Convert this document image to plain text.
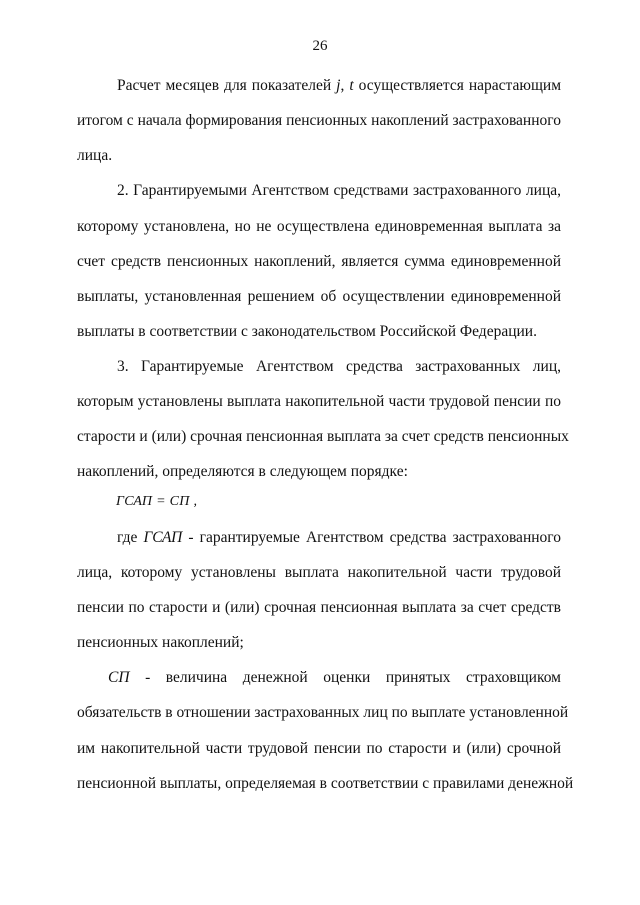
26
Расчет месяцев для показателей j, t осуществляется нарастающим
итогом с начала формирования пенсионных накоплений застрахованного
лица.
2. Гарантируемыми Агентством средствами застрахованного лица,
которому установлена, но не осуществлена единовременная выплата за
счет средств пенсионных накоплений, является сумма единовременной
выплаты, установленная решением об осуществлении единовременной
выплаты в соответствии с законодательством Российской Федерации.
3. Гарантируемые Агентством средства застрахованных лиц,
которым установлены выплата накопительной части трудовой пенсии по
старости и (или) срочная пенсионная выплата за счет средств пенсионных
накоплений, определяются в следующем порядке:
ГСАП = СП ,
где ГСАП - гарантируемые Агентством средства застрахованного
лица, которому установлены выплата накопительной части трудовой
пенсии по старости и (или) срочная пенсионная выплата за счет средств
пенсионных накоплений;
СП - величина денежной оценки принятых страховщиком
обязательств в отношении застрахованных лиц по выплате установленной
им накопительной части трудовой пенсии по старости и (или) срочной
пенсионной выплаты, определяемая в соответствии с правилами денежной
